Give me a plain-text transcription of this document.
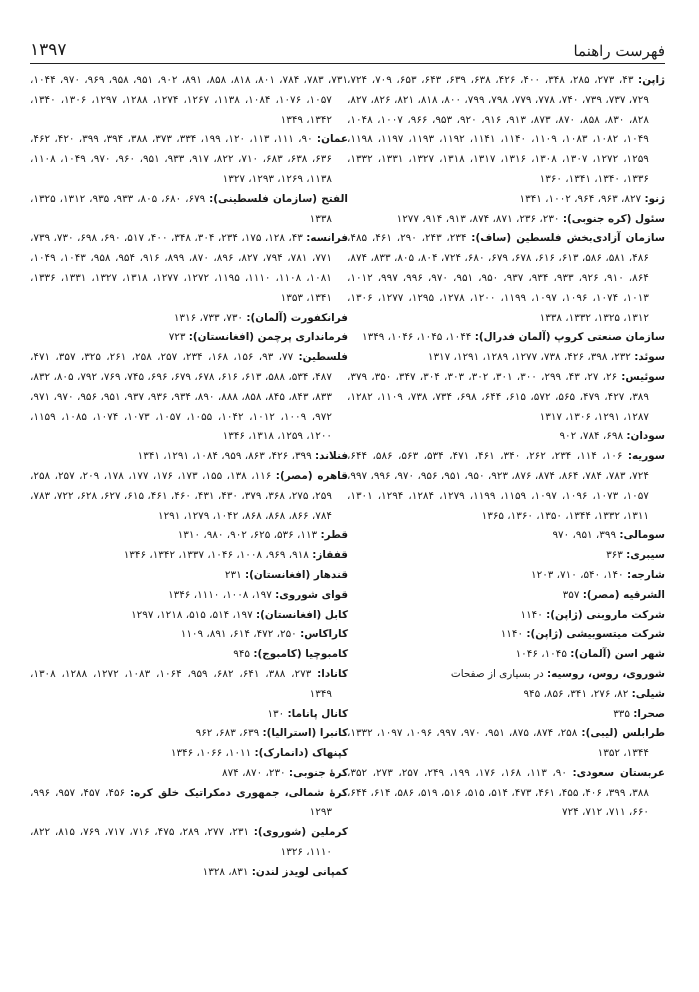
فهرست راهنما
۱۳۹۷
ژاپن: ۴۳، ۲۷۳، ۲۸۵، ۳۴۸، ۴۰۰، ۴۲۶، ۶۳۸، ۶۳۹، ۶۴۳، ۶۵۳، ۷۰۹، ۷۲۴، ۷۲۹، ۷۳۷، ۷۳۹، ۷۴۰، ۷۷۸، ۷۷۹، ۷۹۸، ۷۹۹، ۸۰۰، ۸۱۸، ۸۲۱، ۸۲۶، ۸۲۷، ۸۲۸، ۸۳۰، ۸۵۸، ۸۷۰، ۸۷۳، ۹۱۳، ۹۱۶، ۹۲۰، ۹۵۳، ۹۶۶، ۱۰۰۷، ۱۰۴۸، ۱۰۴۹، ۱۰۸۲، ۱۰۸۳، ۱۱۰۹، ۱۱۴۰، ۱۱۴۱، ۱۱۹۲، ۱۱۹۳، ۱۱۹۷، ۱۱۹۸، ۱۲۵۹، ۱۲۷۲، ۱۳۰۷، ۱۳۰۸، ۱۳۱۶، ۱۳۱۷، ۱۳۱۸، ۱۳۲۷، ۱۳۳۱، ۱۳۳۲، ۱۳۳۶، ۱۳۴۰، ۱۳۴۱، ۱۳۶۰
ژنو: ۸۲۷، ۹۶۳، ۹۶۴، ۱۰۰۲، ۱۳۴۱
سئول (کره جنوبی): ۲۳۰، ۲۳۶، ۸۷۱، ۸۷۴، ۹۱۳، ۹۱۴، ۱۲۷۷
سازمان آزادی‌بخش فلسطین (ساف): ۲۳۴، ۲۴۳، ۲۹۰، ۴۶۱، ۴۸۵، ۴۸۶، ۵۸۱، ۵۸۶، ۶۱۳، ۶۱۶، ۶۷۸، ۶۷۹، ۶۸۰، ۷۲۴، ۸۰۴، ۸۰۵، ۸۳۳، ۸۷۴، ۸۶۴، ۹۱۰، ۹۲۶، ۹۳۳، ۹۳۴، ۹۳۷، ۹۵۰، ۹۵۱، ۹۷۰، ۹۹۶، ۹۹۷، ۱۰۱۲، ۱۰۱۳، ۱۰۷۴، ۱۰۹۶، ۱۰۹۷، ۱۱۹۹، ۱۲۰۰، ۱۲۷۸، ۱۲۹۵، ۱۲۷۷، ۱۳۰۶، ۱۳۱۲، ۱۳۲۵، ۱۳۳۲، ۱۳۳۸
سازمان صنعتی کروپ (آلمان فدرال): ۱۰۴۴، ۱۰۴۵، ۱۰۴۶، ۱۳۴۹
سوئد: ۲۳۲، ۳۹۸، ۴۲۶، ۷۳۸، ۱۲۷۷، ۱۲۸۹، ۱۲۹۱، ۱۳۱۷
سوئیس: ۲۶، ۲۷، ۴۳، ۲۹۹، ۳۰۰، ۳۰۱، ۳۰۲، ۳۰۳، ۳۰۴، ۳۴۷، ۳۵۰، ۳۷۹، ۳۸۹، ۴۲۷، ۴۷۹، ۵۶۵، ۵۷۲، ۶۱۵، ۶۴۴، ۶۹۸، ۷۳۴، ۷۳۸، ۱۱۰۹، ۱۲۸۲، ۱۲۸۷، ۱۲۹۱، ۱۳۰۶، ۱۳۱۷
سودان: ۶۹۸، ۷۸۴، ۹۰۲
سوریه: ۱۰۶، ۱۱۴، ۲۳۴، ۲۶۲، ۳۴۰، ۴۶۱، ۴۷۱، ۵۳۴، ۵۶۳، ۵۸۶، ۶۴۴، ۷۲۴، ۷۸۳، ۷۸۴، ۸۶۴، ۸۷۴، ۸۷۶، ۹۲۳، ۹۵۰، ۹۵۱، ۹۵۶، ۹۷۰، ۹۹۶، ۹۹۷، ۱۰۵۷، ۱۰۷۳، ۱۰۹۶، ۱۰۹۷، ۱۱۵۹، ۱۱۹۹، ۱۲۷۹، ۱۲۸۴، ۱۲۹۴، ۱۳۰۱، ۱۳۱۱، ۱۳۳۲، ۱۳۴۴، ۱۳۵۰، ۱۳۶۰، ۱۳۶۵
سومالی: ۳۹۹، ۹۵۱، ۹۷۰
سیبری: ۳۶۳
شارجه: ۱۴۰، ۵۴۰، ۷۱۰، ۱۲۰۳
الشرقیه (مصر): ۳۵۷
شرکت ماروبنی (ژاپن): ۱۱۴۰
شرکت میتسوبیشی (ژاپن): ۱۱۴۰
شهر اسن (آلمان): ۱۰۴۵، ۱۰۴۶
شوروی، روس، روسیه: در بسیاری از صفحات
شیلی: ۸۲، ۲۷۶، ۳۴۱، ۸۵۶، ۹۴۵
صحرا: ۳۳۵
طرابلس (لیبی): ۲۵۸، ۸۷۴، ۸۷۵، ۹۵۱، ۹۷۰، ۹۹۷، ۱۰۹۶، ۱۰۹۷، ۱۳۳۲، ۱۳۴۴، ۱۳۵۲
عربستان سعودی: ۹۰، ۱۱۳، ۱۶۸، ۱۷۶، ۱۹۹، ۲۴۹، ۲۵۷، ۲۷۳، ۳۵۲، ۳۸۸، ۳۹۹، ۴۰۶، ۴۵۵، ۴۶۱، ۴۷۳، ۵۱۴، ۵۱۵، ۵۱۶، ۵۱۹، ۵۸۶، ۶۱۴، ۶۴۴، ۶۶۰، ۷۱۱، ۷۱۲، ۷۲۴
۷۳۱، ۷۸۳، ۷۸۴، ۸۰۱، ۸۱۸، ۸۵۸، ۸۹۱، ۹۰۲، ۹۵۱، ۹۵۸، ۹۶۹، ۹۷۰، ۱۰۴۴، ۱۰۵۷، ۱۰۷۶، ۱۰۸۴، ۱۱۳۸، ۱۲۶۷، ۱۲۷۴، ۱۲۸۸، ۱۲۹۷، ۱۳۰۶، ۱۳۴۰، ۱۳۴۲، ۱۳۴۹
عمان: ۹۰، ۱۱۱، ۱۱۳، ۱۲۰، ۱۹۹، ۳۳۴، ۳۷۳، ۳۸۸، ۳۹۴، ۳۹۹، ۴۲۰، ۴۶۲، ۶۳۶، ۶۳۸، ۶۸۳، ۷۱۰، ۸۲۲، ۹۱۷، ۹۳۳، ۹۵۱، ۹۶۰، ۹۷۰، ۱۰۴۹، ۱۱۰۸، ۱۱۳۸، ۱۲۶۹، ۱۲۹۳، ۱۳۲۷
الفتح (سازمان فلسطینی): ۶۷۹، ۶۸۰، ۸۰۵، ۹۳۳، ۹۳۵، ۱۳۱۲، ۱۳۲۵، ۱۳۳۸
فرانسه: ۴۳، ۱۲۸، ۱۷۵، ۲۳۴، ۳۰۴، ۳۴۸، ۴۰۰، ۵۱۷، ۶۹۰، ۶۹۸، ۷۳۰، ۷۳۹، ۷۷۱، ۷۸۱، ۷۹۴، ۸۲۷، ۸۹۶، ۸۷۰، ۸۹۹، ۹۱۶، ۹۵۴، ۹۵۸، ۱۰۴۳، ۱۰۴۹، ۱۰۸۱، ۱۱۰۸، ۱۱۱۰، ۱۱۹۵، ۱۲۷۲، ۱۲۷۷، ۱۳۱۸، ۱۳۲۷، ۱۳۳۱، ۱۳۳۶، ۱۳۴۱، ۱۳۵۳
فرانکفورت (آلمان): ۷۳۰، ۷۳۳، ۱۳۱۶
فرمانداری پرچمن (افغانستان): ۷۲۳
فلسطین: ۷۷، ۹۳، ۱۵۶، ۱۶۸، ۲۳۴، ۲۵۷، ۲۵۸، ۲۶۱، ۳۲۵، ۳۵۷، ۴۷۱، ۴۸۷، ۵۳۴، ۵۸۸، ۶۱۳، ۶۱۶، ۶۷۸، ۶۷۹، ۶۹۶، ۷۴۵، ۷۶۹، ۷۹۲، ۸۰۵، ۸۳۲، ۸۳۳، ۸۴۳، ۸۴۵، ۸۵۸، ۸۸۸، ۸۹۰، ۹۳۴، ۹۳۶، ۹۳۷، ۹۵۱، ۹۵۶، ۹۷۰، ۹۷۱، ۹۷۲، ۱۰۰۹، ۱۰۱۲، ۱۰۴۲، ۱۰۵۵، ۱۰۵۷، ۱۰۷۳، ۱۰۷۴، ۱۰۸۵، ۱۱۵۹، ۱۲۰۰، ۱۲۵۹، ۱۳۱۸، ۱۳۴۶
فنلاند: ۳۹۹، ۴۲۶، ۸۶۳، ۹۵۹، ۱۰۸۴، ۱۲۹۱، ۱۳۴۱
قاهره (مصر): ۱۱۶، ۱۳۸، ۱۵۵، ۱۷۳، ۱۷۶، ۱۷۷، ۱۷۸، ۲۰۹، ۲۵۷، ۲۵۸، ۲۵۹، ۲۷۵، ۳۶۸، ۳۷۹، ۴۳۰، ۴۳۱، ۴۶۰، ۴۶۱، ۶۱۵، ۶۲۷، ۶۲۸، ۷۲۲، ۷۸۳، ۷۸۴، ۸۶۶، ۸۶۸، ۸۶۸، ۱۰۴۲، ۱۲۷۹، ۱۲۹۱
قطر: ۱۱۳، ۵۳۶، ۶۲۵، ۹۰۲، ۹۸۰، ۱۳۱۰
قفقاز: ۹۱۸، ۹۶۹، ۱۰۰۸، ۱۰۴۶، ۱۳۳۷، ۱۳۴۲، ۱۳۴۶
قندهار (افغانستان): ۲۳۱
قوای شوروی: ۱۹۷، ۱۰۰۸، ۱۱۱۰، ۱۳۴۶
کابل (افغانستان): ۱۹۷، ۵۱۴، ۵۱۵، ۱۲۱۸، ۱۲۹۷
کاراکاس: ۲۵۰، ۴۷۲، ۶۱۴، ۸۹۱، ۱۱۰۹
کامبوچیا (کامبوج): ۹۴۵
کانادا: ۲۷۳، ۳۸۸، ۶۴۱، ۶۸۲، ۹۵۹، ۱۰۶۴، ۱۰۸۳، ۱۲۷۲، ۱۲۸۸، ۱۳۰۸، ۱۳۴۹
کانال پاناما: ۱۳۰
کانبرا (استرالیا): ۶۳۹، ۶۸۳، ۹۶۲
کپنهاک (دانمارک): ۱۰۱۱، ۱۰۶۶، ۱۳۴۶
کرهٔ جنوبی: ۲۳۰، ۸۷۰، ۸۷۴
کرهٔ شمالی، جمهوری دمکراتیک خلق کره: ۴۵۶، ۴۵۷، ۹۵۷، ۹۹۶، ۱۲۹۳
کرملین (شوروی): ۲۳۱، ۲۷۷، ۲۸۹، ۴۷۵، ۷۱۶، ۷۱۷، ۷۶۹، ۸۱۵، ۸۲۲، ۱۱۱۰، ۱۳۲۶
کمپانی لویدز لندن: ۸۳۱، ۱۳۲۸
